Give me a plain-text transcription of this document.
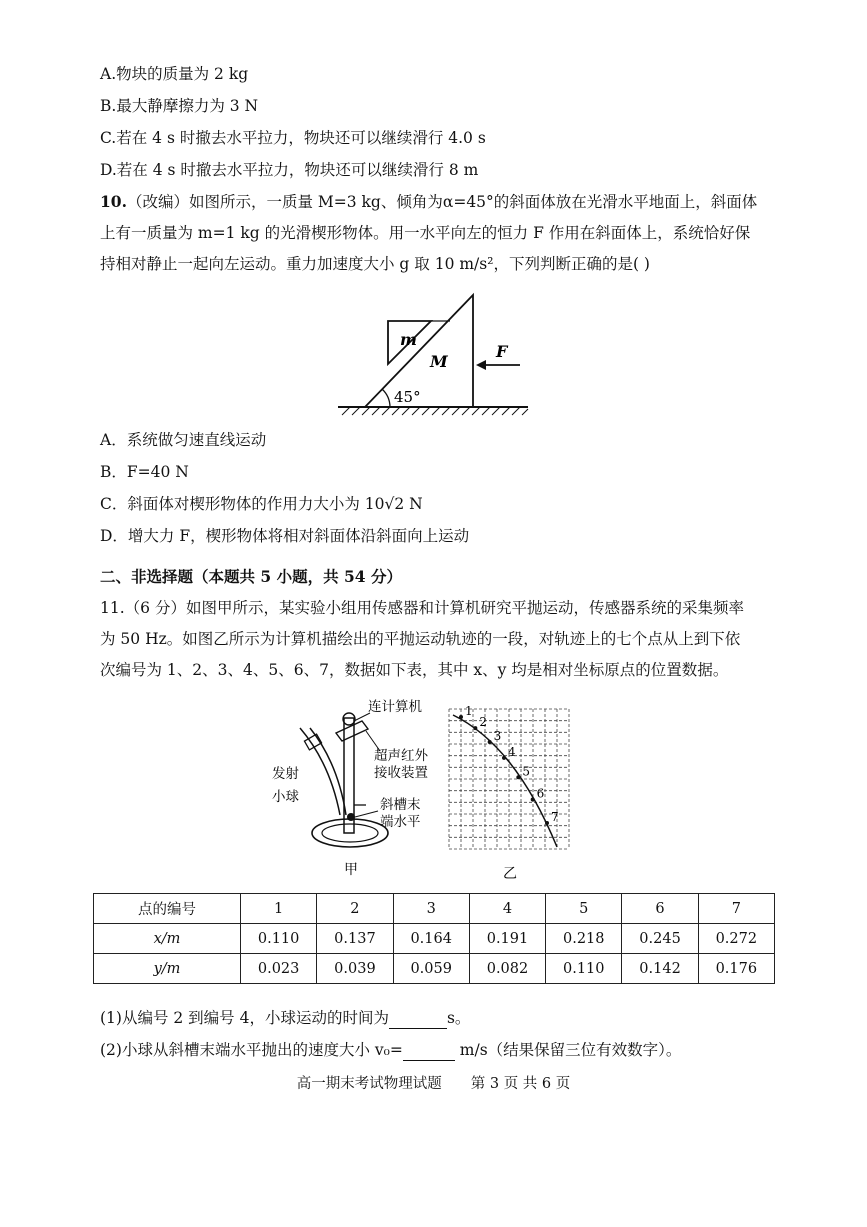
A.物块的质量为 2 kg
B.最大静摩擦力为 3 N
C.若在 4 s 时撤去水平拉力，物块还可以继续滑行 4.0 s
D.若在 4 s 时撤去水平拉力，物块还可以继续滑行 8 m
10.（改编）如图所示，一质量 M=3 kg、倾角为α=45°的斜面体放在光滑水平地面上，斜面体
上有一质量为 m=1 kg 的光滑楔形物体。用一水平向左的恒力 F 作用在斜面体上，系统恰好保
持相对静止一起向左运动。重力加速度大小 g 取 10 m/s²，下列判断正确的是( )
m
M
F
45°
A．系统做匀速直线运动
B．F=40 N
C．斜面体对楔形物体的作用力大小为 10√2 N
D．增大力 F，楔形物体将相对斜面体沿斜面向上运动
二、非选择题（本题共 5 小题，共 54 分）
11.（6 分）如图甲所示，某实验小组用传感器和计算机研究平抛运动，传感器系统的采集频率
为 50 Hz。如图乙所示为计算机描绘出的平抛运动轨迹的一段，对轨迹上的七个点从上到下依
次编号为 1、2、3、4、5、6、7，数据如下表，其中 x、y 均是相对坐标原点的位置数据。
连计算机
超声红外
接收装置
发射
小球	斜槽末
端水平
甲
1
2
3
4
5
6
7
乙
点的编号	1	2	3	4	5	6	7
x/m	0.110	0.137	0.164	0.191	0.218	0.245	0.272
y/m	0.023	0.039	0.059	0.082	0.110	0.142	0.176
(1)从编号 2 到编号 4，小球运动的时间为	s。
(2)小球从斜槽末端水平抛出的速度大小 v₀=	m/s（结果保留三位有效数字）。
高一期末考试物理试题　　第 3 页 共 6 页
